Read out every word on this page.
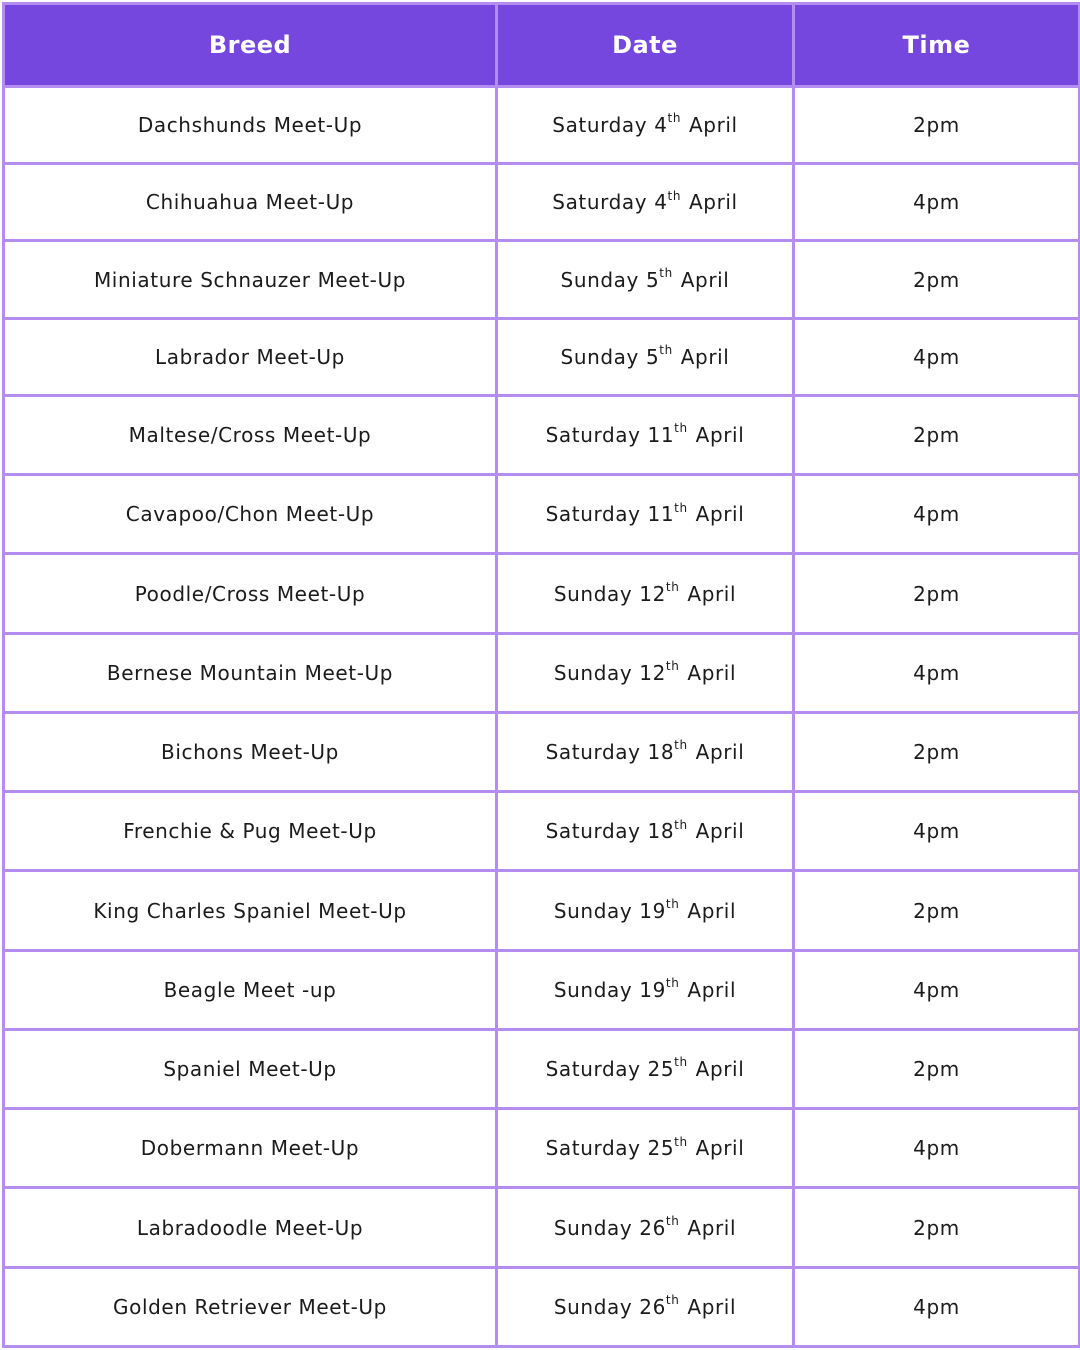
Breed	Date	Time
Dachshunds Meet-Up	Saturday 4th April	2pm
Chihuahua Meet-Up	Saturday 4th April	4pm
Miniature Schnauzer Meet-Up	Sunday 5th April	2pm
Labrador Meet-Up	Sunday 5th April	4pm
Maltese/Cross Meet-Up	Saturday 11th April	2pm
Cavapoo/Chon Meet-Up	Saturday 11th April	4pm
Poodle/Cross Meet-Up	Sunday 12th April	2pm
Bernese Mountain Meet-Up	Sunday 12th April	4pm
Bichons Meet-Up	Saturday 18th April	2pm
Frenchie & Pug Meet-Up	Saturday 18th April	4pm
King Charles Spaniel Meet-Up	Sunday 19th April	2pm
Beagle Meet -up	Sunday 19th April	4pm
Spaniel Meet-Up	Saturday 25th April	2pm
Dobermann Meet-Up	Saturday 25th April	4pm
Labradoodle Meet-Up	Sunday 26th April	2pm
Golden Retriever Meet-Up	Sunday 26th April	4pm
